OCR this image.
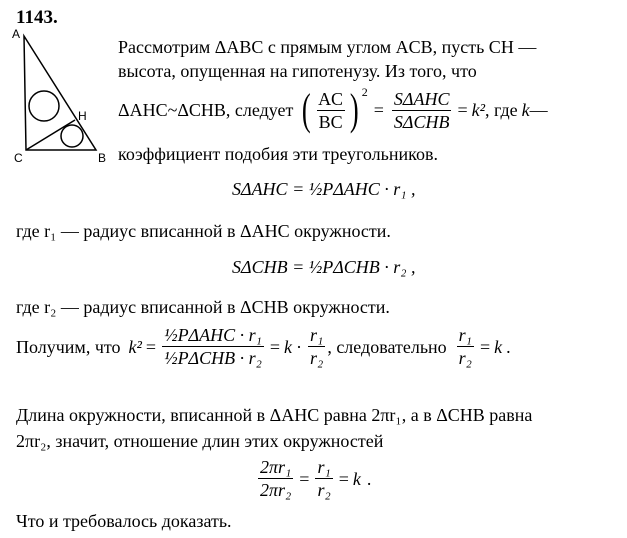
1143.
A
H
C	B
Рассмотрим ΔABC с прямым углом ACB, пусть CH —
высота, опущенная на гипотенузу. Из того, что
ΔAHC~ΔCHB, следует ( $\frac{AC}{BC}$ ) 2
= $\frac{\text{SΔAHC}}{\text{SΔCHB}} = k^2$ , где k —
коэффициент подобия эти треугольников.
SΔAHC = ½PΔAHC · r₁ ,
где r₁ — радиус вписанной в ΔAHC окружности.
SΔCHB = ½PΔCHB · r₂ ,
где r₂ — радиус вписанной в ΔCHB окружности.
Получим, что $k^2 = \frac{\text{½PΔAHC · r₁}}{\text{½PΔCHB · r₂}} = k \cdot \frac{\text{r₁}}{\text{r₂}}$ , следовательно $\frac{\text{r₁}}{\text{r₂}} = k$ .
Длина окружности, вписанной в ΔAHC равна 2πr₁, а в ΔCHB равна
2πr₂, значит, отношение длин этих окружностей
$\frac{\text{2πr₁}}{\text{2πr₂}} = \frac{\text{r₁}}{\text{r₂}} = k$ .
Что и требовалось доказать.
